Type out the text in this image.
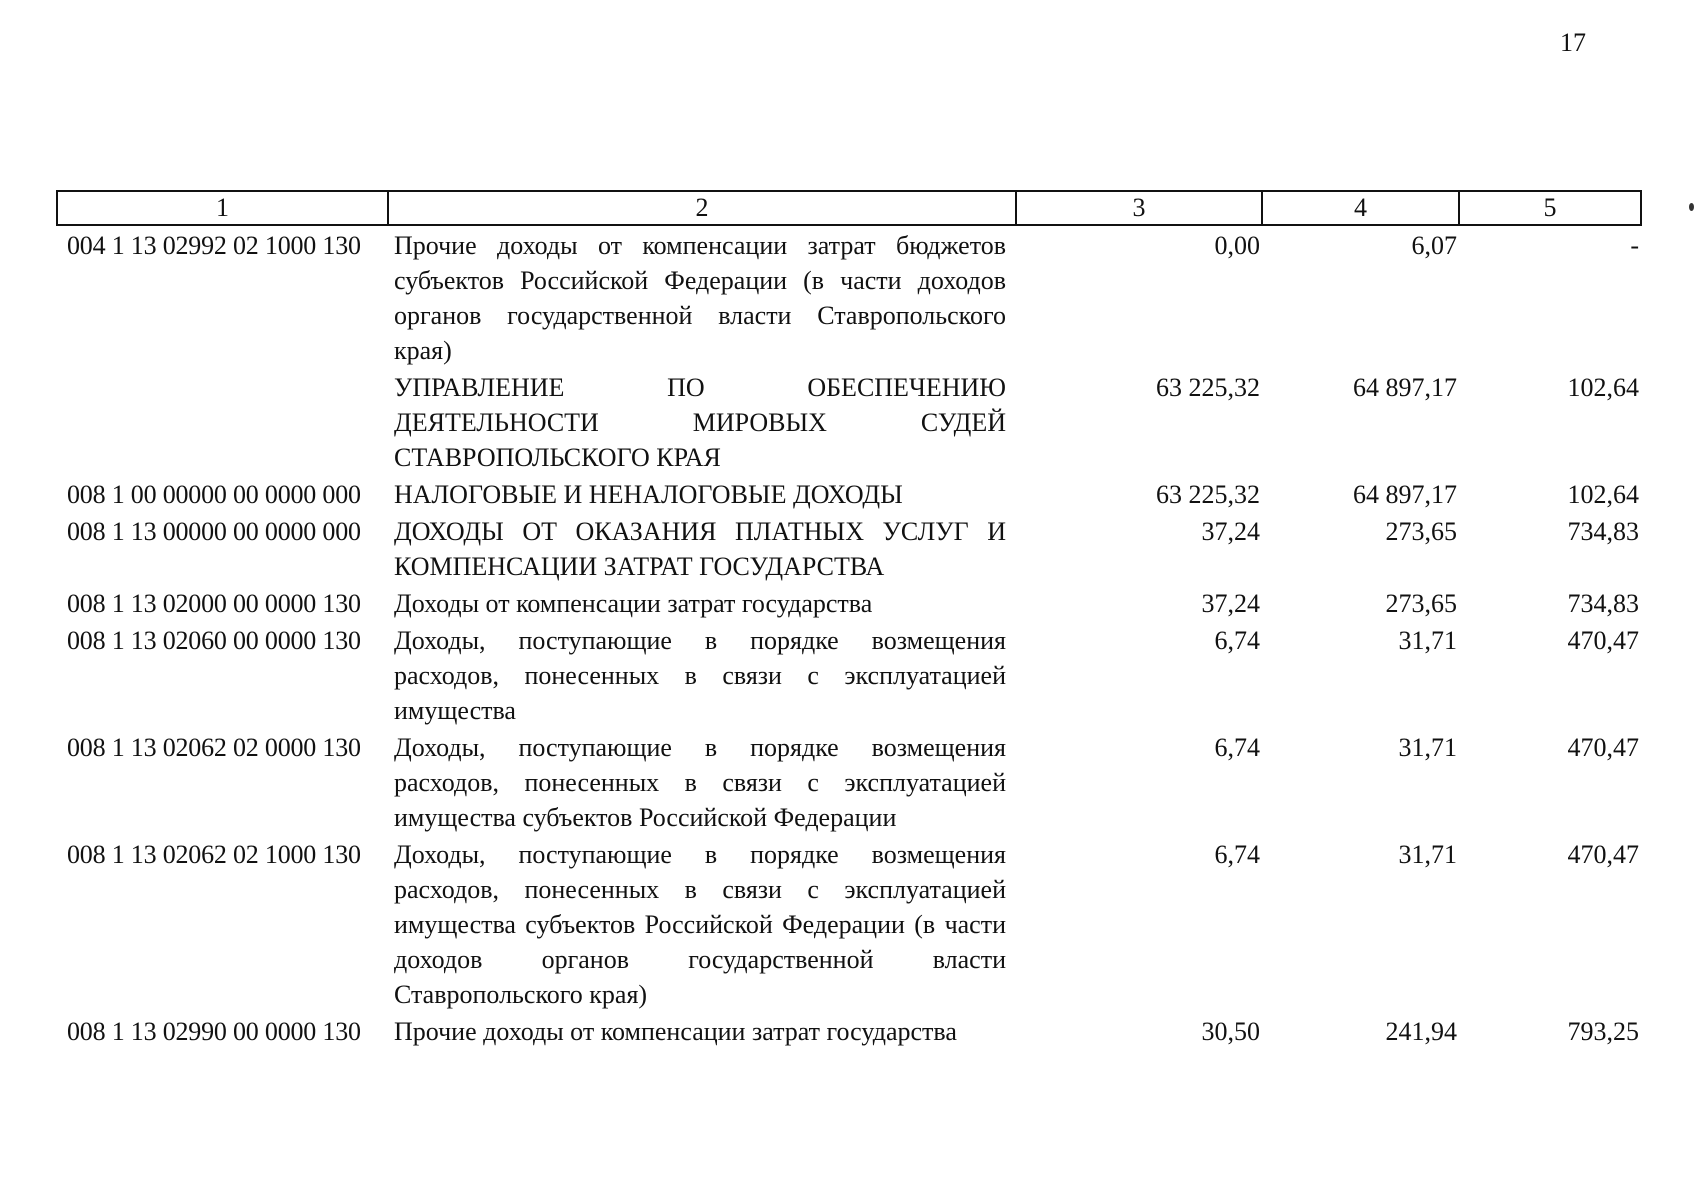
17
1	2	3	4	5
004 1 13 02992 02 1000 130	Прочие доходы от компенсации затрат бюджетов субъектов Российской Федерации (в части доходов органов государственной власти Ставропольского края)	0,00	6,07	-
	УПРАВЛЕНИЕ ПО ОБЕСПЕЧЕНИЮ ДЕЯТЕЛЬНОСТИ МИРОВЫХ СУДЕЙ СТАВРОПОЛЬСКОГО КРАЯ	63 225,32	64 897,17	102,64
008 1 00 00000 00 0000 000	НАЛОГОВЫЕ И НЕНАЛОГОВЫЕ ДОХОДЫ	63 225,32	64 897,17	102,64
008 1 13 00000 00 0000 000	ДОХОДЫ ОТ ОКАЗАНИЯ ПЛАТНЫХ УСЛУГ И КОМПЕНСАЦИИ ЗАТРАТ ГОСУДАРСТВА	37,24	273,65	734,83
008 1 13 02000 00 0000 130	Доходы от компенсации затрат государства	37,24	273,65	734,83
008 1 13 02060 00 0000 130	Доходы, поступающие в порядке возмещения расходов, понесенных в связи с эксплуатацией имущества	6,74	31,71	470,47
008 1 13 02062 02 0000 130	Доходы, поступающие в порядке возмещения расходов, понесенных в связи с эксплуатацией имущества субъектов Российской Федерации	6,74	31,71	470,47
008 1 13 02062 02 1000 130	Доходы, поступающие в порядке возмещения расходов, понесенных в связи с эксплуатацией имущества субъектов Российской Федерации (в части доходов органов государственной власти Ставропольского края)	6,74	31,71	470,47
008 1 13 02990 00 0000 130	Прочие доходы от компенсации затрат государства	30,50	241,94	793,25
